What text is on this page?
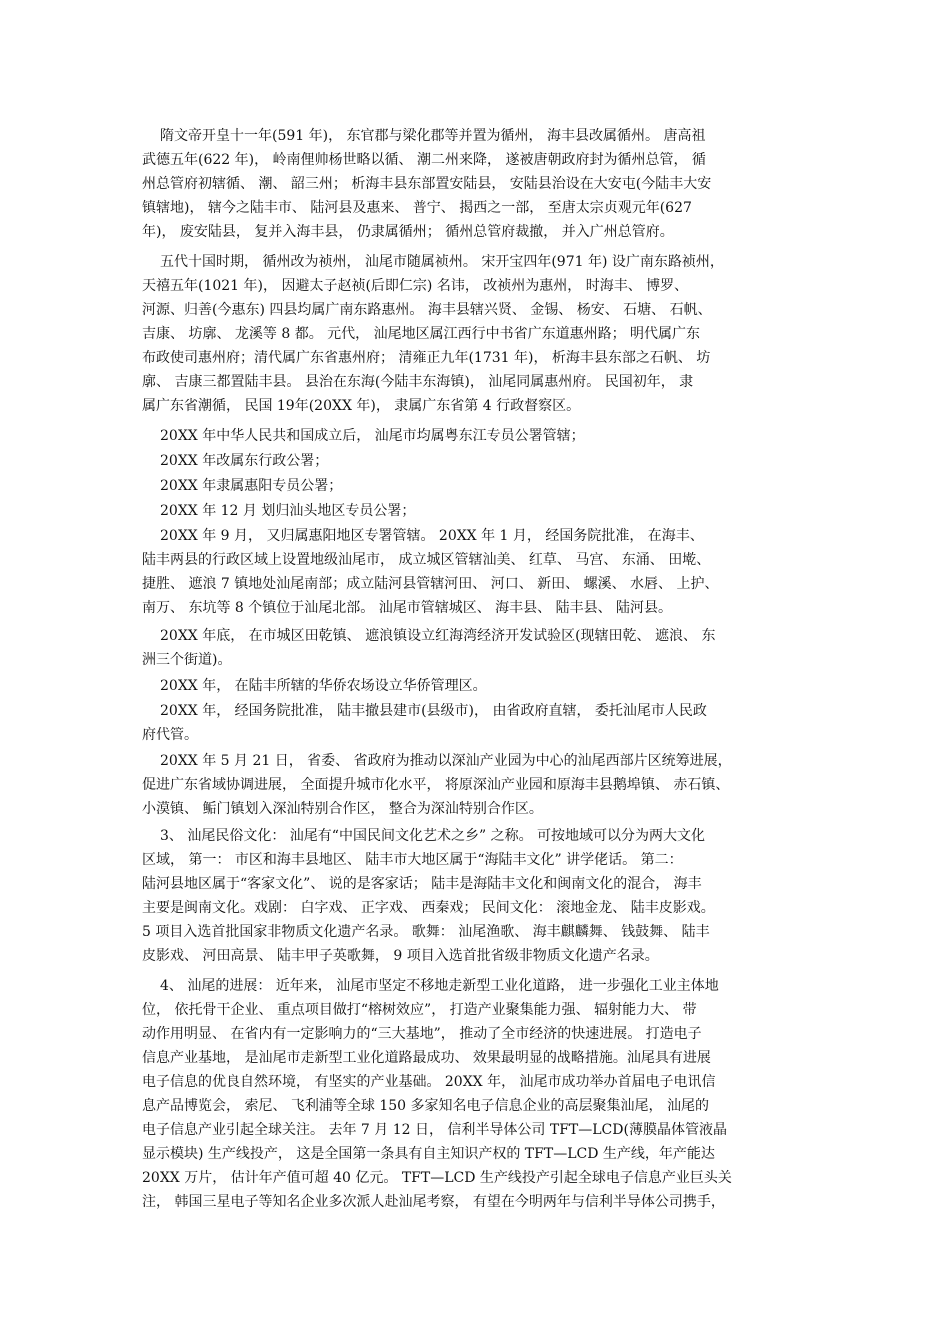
隋文帝开皇十一年(591 年)， 东官郡与梁化郡等并置为循州， 海丰县改属循州。 唐高祖
武德五年(622 年)， 岭南俚帅杨世略以循、 潮二州来降， 遂被唐朝政府封为循州总管， 循
州总管府初辖循、 潮、 韶三州； 析海丰县东部置安陆县， 安陆县治设在大安屯(今陆丰大安
镇辖地)， 辖今之陆丰市、 陆河县及惠来、 普宁、 揭西之一部， 至唐太宗贞观元年(627
年)， 废安陆县， 复并入海丰县， 仍隶属循州； 循州总管府裁撤， 并入广州总管府。
五代十国时期， 循州改为祯州， 汕尾市随属祯州。 宋开宝四年(971 年) 设广南东路祯州，
天禧五年(1021 年)， 因避太子赵祯(后即仁宗) 名讳， 改祯州为惠州， 时海丰、 博罗、
河源、归善(今惠东) 四县均属广南东路惠州。 海丰县辖兴贤、 金锡、 杨安、 石塘、 石帆、
吉康、 坊廓、 龙溪等 8 都。 元代， 汕尾地区属江西行中书省广东道惠州路； 明代属广东
布政使司惠州府；清代属广东省惠州府； 清雍正九年(1731 年)， 析海丰县东部之石帆、 坊
廓、 吉康三都置陆丰县。 县治在东海(今陆丰东海镇)， 汕尾同属惠州府。 民国初年， 隶
属广东省潮循， 民国 19年(20XX 年)， 隶属广东省第 4 行政督察区。
20XX 年中华人民共和国成立后， 汕尾市均属粤东江专员公署管辖；
20XX 年改属东行政公署；
20XX 年隶属惠阳专员公署；
20XX 年 12 月 划归汕头地区专员公署；
20XX 年 9 月， 又归属惠阳地区专署管辖。 20XX 年 1 月， 经国务院批准， 在海丰、
陆丰两县的行政区域上设置地级汕尾市， 成立城区管辖汕美、 红草、 马宫、 东涌、 田墘、
捷胜、 遮浪 7 镇地处汕尾南部；成立陆河县管辖河田、 河口、 新田、 螺溪、 水唇、 上护、
南万、 东坑等 8 个镇位于汕尾北部。 汕尾市管辖城区、 海丰县、 陆丰县、 陆河县。
20XX 年底， 在市城区田乾镇、 遮浪镇设立红海湾经济开发试验区(现辖田乾、 遮浪、 东
洲三个街道)。
20XX 年， 在陆丰所辖的华侨农场设立华侨管理区。
20XX 年， 经国务院批准， 陆丰撤县建市(县级市)， 由省政府直辖， 委托汕尾市人民政
府代管。
20XX 年 5 月 21 日， 省委、 省政府为推动以深汕产业园为中心的汕尾西部片区统筹进展，
促进广东省域协调进展， 全面提升城市化水平， 将原深汕产业园和原海丰县鹅埠镇、 赤石镇、
小漠镇、 鲘门镇划入深汕特别合作区， 整合为深汕特别合作区。
3、 汕尾民俗文化： 汕尾有“中国民间文化艺术之乡” 之称。 可按地域可以分为两大文化
区域， 第一： 市区和海丰县地区、 陆丰市大地区属于“海陆丰文化” 讲学佬话。 第二：
陆河县地区属于“客家文化”、 说的是客家话； 陆丰是海陆丰文化和闽南文化的混合， 海丰
主要是闽南文化。戏剧： 白字戏、 正字戏、 西秦戏； 民间文化： 滚地金龙、 陆丰皮影戏。
5 项目入选首批国家非物质文化遗产名录。 歌舞： 汕尾渔歌、 海丰麒麟舞、 钱鼓舞、 陆丰
皮影戏、 河田高景、 陆丰甲子英歌舞， 9 项目入选首批省级非物质文化遗产名录。
4、 汕尾的进展： 近年来， 汕尾市坚定不移地走新型工业化道路， 进一步强化工业主体地
位， 依托骨干企业、 重点项目做打“榕树效应”， 打造产业聚集能力强、 辐射能力大、 带
动作用明显、 在省内有一定影响力的“三大基地”， 推动了全市经济的快速进展。 打造电子
信息产业基地， 是汕尾市走新型工业化道路最成功、 效果最明显的战略措施。汕尾具有进展
电子信息的优良自然环境， 有坚实的产业基础。 20XX 年， 汕尾市成功举办首届电子电讯信
息产品博览会， 索尼、 飞利浦等全球 150 多家知名电子信息企业的高层聚集汕尾， 汕尾的
电子信息产业引起全球关注。 去年 7 月 12 日， 信利半导体公司 TFT—LCD(薄膜晶体管液晶
显示模块) 生产线投产， 这是全国第一条具有自主知识产权的 TFT—LCD 生产线，年产能达
20XX 万片， 估计年产值可超 40 亿元。 TFT—LCD 生产线投产引起全球电子信息产业巨头关
注， 韩国三星电子等知名企业多次派人赴汕尾考察， 有望在今明两年与信利半导体公司携手，
